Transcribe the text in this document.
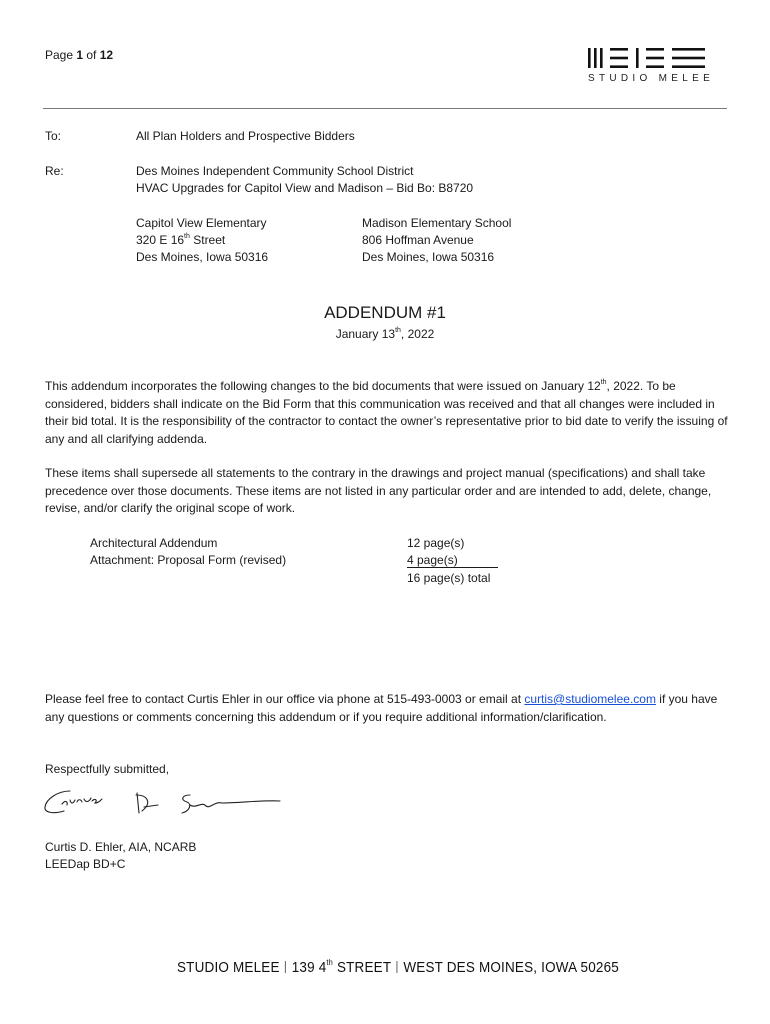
Page 1 of 12
STUDIO MELEE
To:	All Plan Holders and Prospective Bidders
Re:	Des Moines Independent Community School District
HVAC Upgrades for Capitol View and Madison – Bid Bo: B8720
Capitol View Elementary
320 E 16th Street
Des Moines, Iowa 50316
Madison Elementary School
806 Hoffman Avenue
Des Moines, Iowa 50316
ADDENDUM #1
January 13th, 2022
This addendum incorporates the following changes to the bid documents that were issued on January 12th, 2022. To be considered, bidders shall indicate on the Bid Form that this communication was received and that all changes were included in their bid total. It is the responsibility of the contractor to contact the owner’s representative prior to bid date to verify the issuing of any and all clarifying addenda.
These items shall supersede all statements to the contrary in the drawings and project manual (specifications) and shall take precedence over those documents. These items are not listed in any particular order and are intended to add, delete, change, revise, and/or clarify the original scope of work.
Architectural Addendum	12 page(s)
Attachment: Proposal Form (revised)	4 page(s)
16 page(s) total
Please feel free to contact Curtis Ehler in our office via phone at 515-493-0003 or email at curtis@studiomelee.com if you have any questions or comments concerning this addendum or if you require additional information/clarification.
Respectfully submitted,
Curtis D. Ehler, AIA, NCARB
LEEDap BD+C
STUDIO MELEE 139 4th STREET WEST DES MOINES, IOWA 50265
